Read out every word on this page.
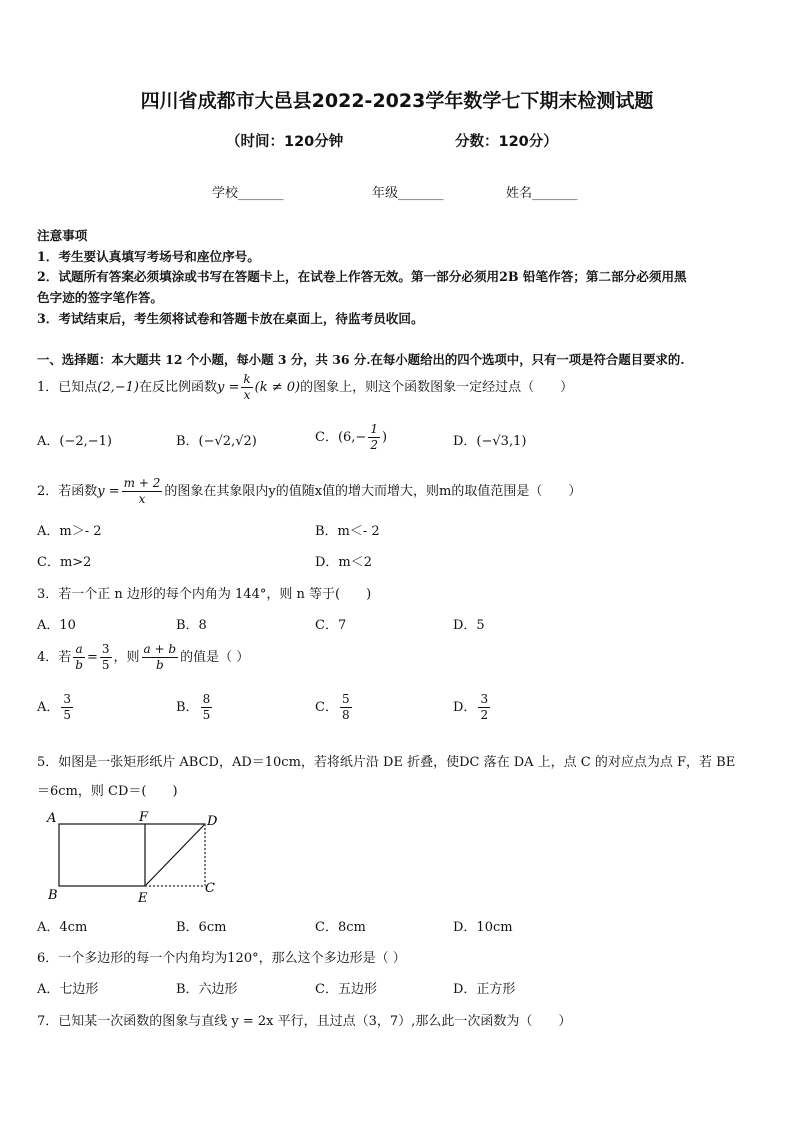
四川省成都市大邑县2022-2023学年数学七下期末检测试题
（时间：120分钟	分数：120分）
学校_______	年级_______	姓名_______
注意事项
1．考生要认真填写考场号和座位序号。
2．试题所有答案必须填涂或书写在答题卡上，在试卷上作答无效。第一部分必须用2B 铅笔作答；第二部分必须用黑
色字迹的签字笔作答。
3．考试结束后，考生须将试卷和答题卡放在桌面上，待监考员收回。
一、选择题：本大题共 12 个小题，每小题 3 分，共 36 分.在每小题给出的四个选项中，只有一项是符合题目要求的.
1．已知点(2,−1)在反比例函数$y = \frac{k}{x} (k \ne 0)$的图象上，则这个函数图象一定经过点（　　）
A．(−2,−1)	B．(−√2,√2)	C．($6,- \frac{1}{2}$ )	D．(−√3,1)
2．若函数$y = \frac{m + 2}{x}$ 的图象在其象限内y的值随x值的增大而增大，则m的取值范围是（　　）
A．m＞- 2	B．m＜- 2
C．m>2	D．m＜2
3．若一个正 n 边形的每个内角为 144°，则 n 等于(　　)
A．10	B．8	C．7	D．5
4．若 $\frac{a}{b} = \frac{3}{5}$ ，则 $\frac{a + b}{b}$ 的值是（ ）
A． $\frac{3}{5}$	B． $\frac{8}{5}$	C． $\frac{5}{8}$	D． $\frac{3}{2}$
5．如图是一张矩形纸片 ABCD，AD＝10cm，若将纸片沿 DE 折叠，使DC 落在 DA 上，点 C 的对应点为点 F，若 BE
＝6cm，则 CD＝(　　)
A
B	C
D
E
F
A．4cm	B．6cm	C．8cm	D．10cm
6．一个多边形的每一个内角均为120°，那么这个多边形是（ ）
A．七边形	B．六边形	C．五边形	D．正方形
7．已知某一次函数的图象与直线 y = 2x 平行，且过点（3，7）,那么此一次函数为（　　）
